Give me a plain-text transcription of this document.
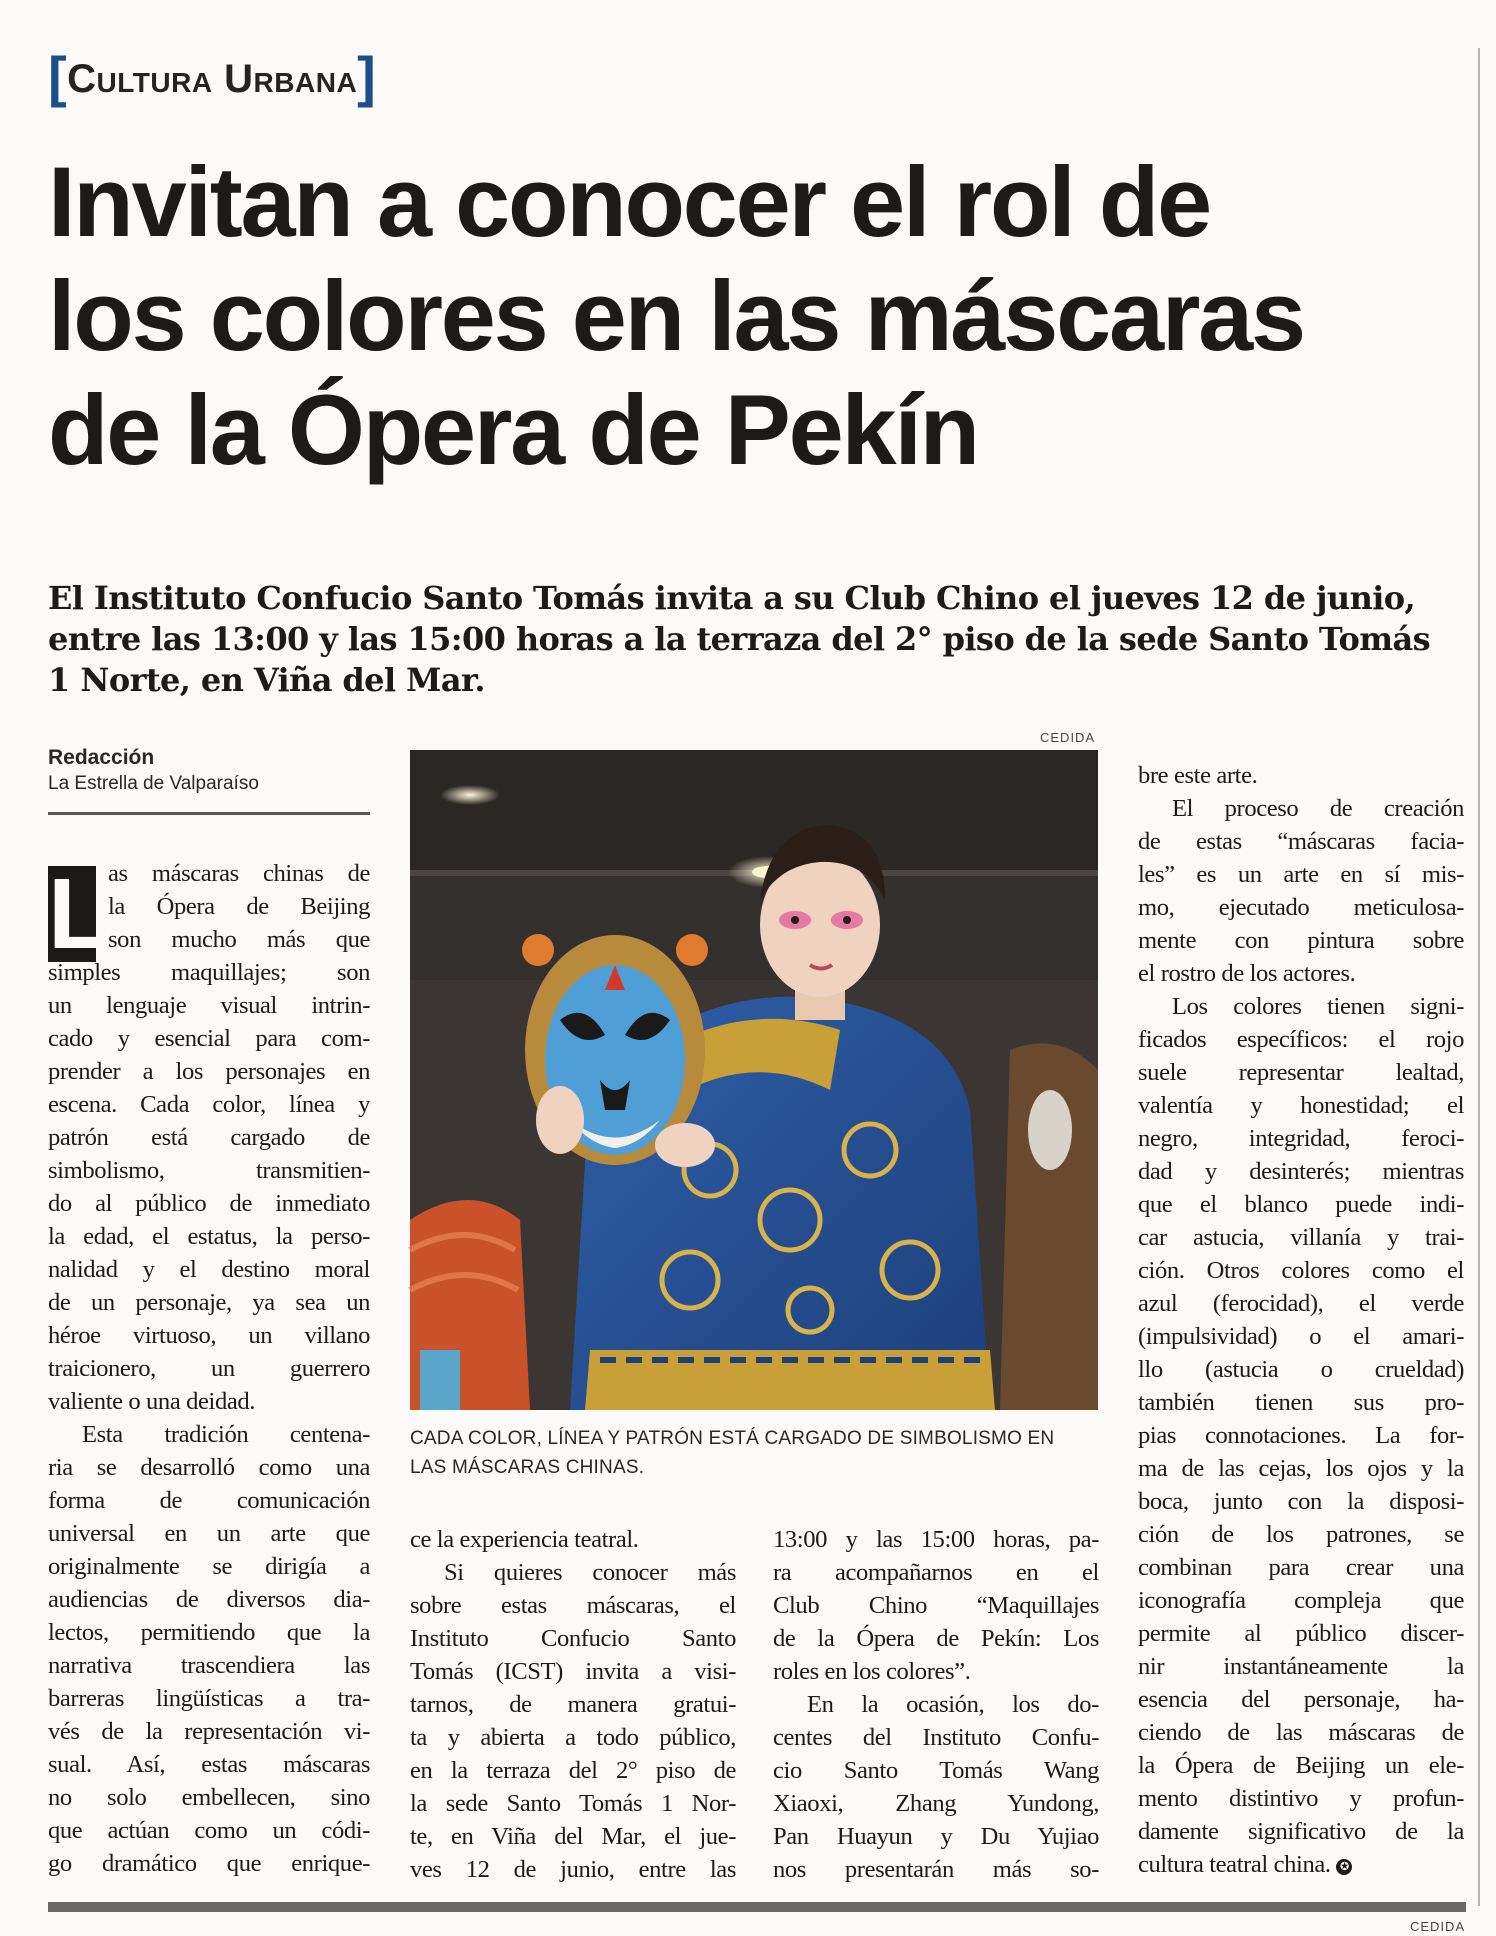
[Cultura Urbana]
Invitan a conocer el rol de
los colores en las máscaras
de la Ópera de Pekín
El Instituto Confucio Santo Tomás invita a su Club Chino el jueves 12 de junio,
entre las 13:00 y las 15:00 horas a la terraza del 2° piso de la sede Santo Tomás
1 Norte, en Viña del Mar.
Redacción
La Estrella de Valparaíso
L
as máscaras chinas de
la Ópera de Beijing
son mucho más que
simples maquillajes; son
un lenguaje visual intrin-
cado y esencial para com-
prender a los personajes en
escena. Cada color, línea y
patrón está cargado de
simbolismo, transmitien-
do al público de inmediato
la edad, el estatus, la perso-
nalidad y el destino moral
de un personaje, ya sea un
héroe virtuoso, un villano
traicionero, un guerrero
valiente o una deidad.
Esta tradición centena-
ria se desarrolló como una
forma de comunicación
universal en un arte que
originalmente se dirigía a
audiencias de diversos dia-
lectos, permitiendo que la
narrativa trascendiera las
barreras lingüísticas a tra-
vés de la representación vi-
sual. Así, estas máscaras
no solo embellecen, sino
que actúan como un códi-
go dramático que enrique-
CEDIDA
CADA COLOR, LÍNEA Y PATRÓN ESTÁ CARGADO DE SIMBOLISMO EN
LAS MÁSCARAS CHINAS.
ce la experiencia teatral.
Si quieres conocer más
sobre estas máscaras, el
Instituto Confucio Santo
Tomás (ICST) invita a visi-
tarnos, de manera gratui-
ta y abierta a todo público,
en la terraza del 2° piso de
la sede Santo Tomás 1 Nor-
te, en Viña del Mar, el jue-
ves 12 de junio, entre las
13:00 y las 15:00 horas, pa-
ra acompañarnos en el
Club Chino “Maquillajes
de la Ópera de Pekín: Los
roles en los colores”.
En la ocasión, los do-
centes del Instituto Confu-
cio Santo Tomás Wang
Xiaoxi, Zhang Yundong,
Pan Huayun y Du Yujiao
nos presentarán más so-
bre este arte.
El proceso de creación
de estas “máscaras facia-
les” es un arte en sí mis-
mo, ejecutado meticulosa-
mente con pintura sobre
el rostro de los actores.
Los colores tienen signi-
ficados específicos: el rojo
suele representar lealtad,
valentía y honestidad; el
negro, integridad, feroci-
dad y desinterés; mientras
que el blanco puede indi-
car astucia, villanía y trai-
ción. Otros colores como el
azul (ferocidad), el verde
(impulsividad) o el amari-
llo (astucia o crueldad)
también tienen sus pro-
pias connotaciones. La for-
ma de las cejas, los ojos y la
boca, junto con la disposi-
ción de los patrones, se
combinan para crear una
iconografía compleja que
permite al público discer-
nir instantáneamente la
esencia del personaje, ha-
ciendo de las máscaras de
la Ópera de Beijing un ele-
mento distintivo y profun-
damente significativo de la
cultura teatral china. ✪
CEDIDA
